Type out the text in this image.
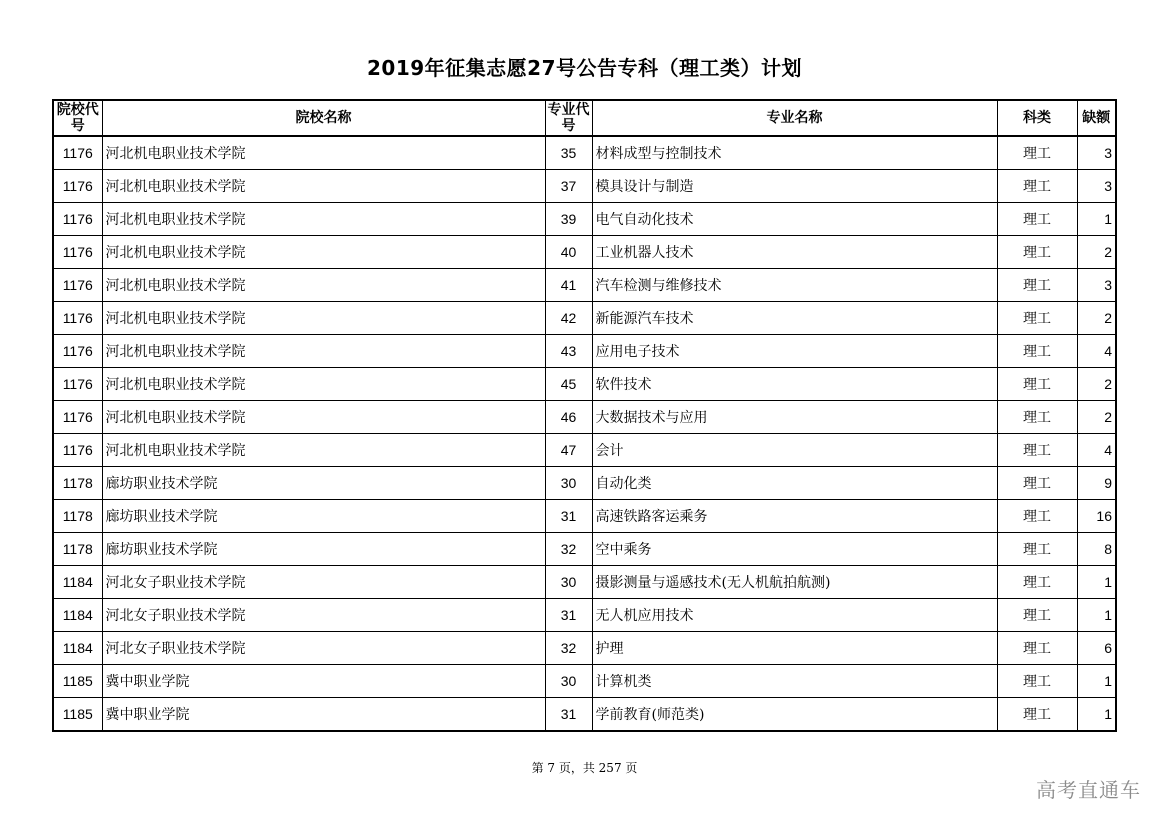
2019年征集志愿27号公告专科（理工类）计划
院校代号	院校名称	专业代号	专业名称	科类	缺额
1176	河北机电职业技术学院	35	材料成型与控制技术	理工	3
1176	河北机电职业技术学院	37	模具设计与制造	理工	3
1176	河北机电职业技术学院	39	电气自动化技术	理工	1
1176	河北机电职业技术学院	40	工业机器人技术	理工	2
1176	河北机电职业技术学院	41	汽车检测与维修技术	理工	3
1176	河北机电职业技术学院	42	新能源汽车技术	理工	2
1176	河北机电职业技术学院	43	应用电子技术	理工	4
1176	河北机电职业技术学院	45	软件技术	理工	2
1176	河北机电职业技术学院	46	大数据技术与应用	理工	2
1176	河北机电职业技术学院	47	会计	理工	4
1178	廊坊职业技术学院	30	自动化类	理工	9
1178	廊坊职业技术学院	31	高速铁路客运乘务	理工	16
1178	廊坊职业技术学院	32	空中乘务	理工	8
1184	河北女子职业技术学院	30	摄影测量与遥感技术(无人机航拍航测)	理工	1
1184	河北女子职业技术学院	31	无人机应用技术	理工	1
1184	河北女子职业技术学院	32	护理	理工	6
1185	冀中职业学院	30	计算机类	理工	1
1185	冀中职业学院	31	学前教育(师范类)	理工	1
第 7 页，共 257 页
高考直通车
